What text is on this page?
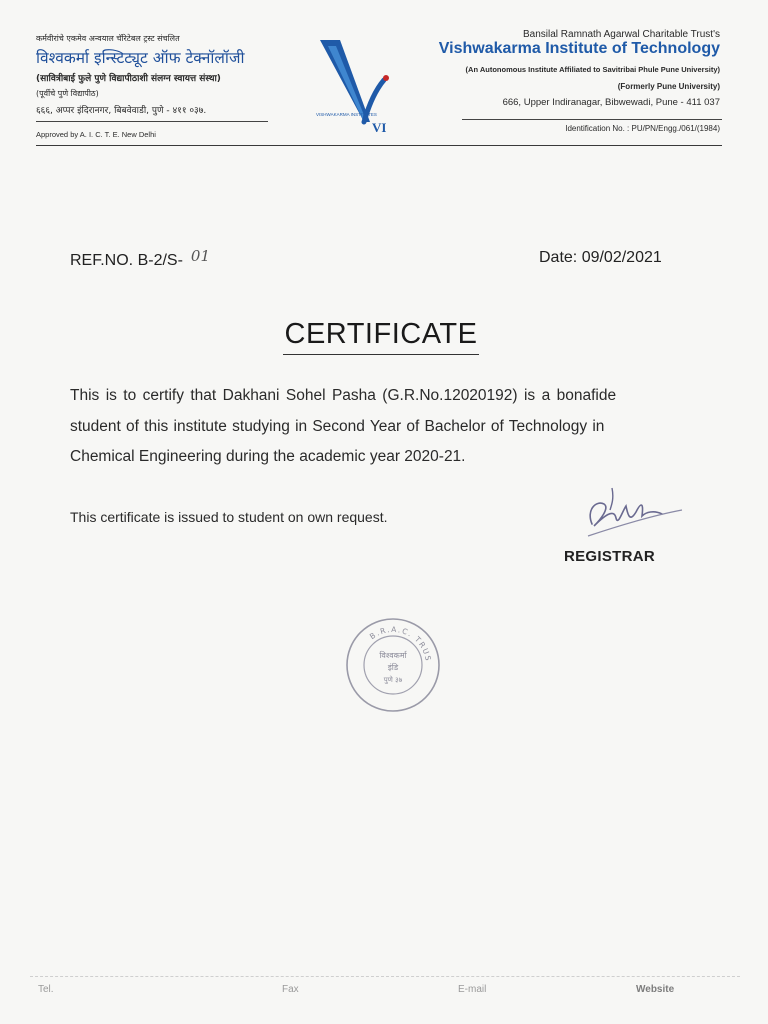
कर्मवीरांचे एकमेव अन्वयाल चॅरिटेबल ट्रस्ट संचलित
विश्वकर्मा इन्स्टिट्यूट ऑफ टेक्नॉलॉजी
(सावित्रीबाई फुले पुणे विद्यापीठाशी संलग्न स्वायत्त संस्था)
(पूर्वीचे पुणे विद्यापीठ)
६६६, अप्पर इंदिरानगर, बिबवेवाडी, पुणे - ४११ ०३७.
Approved by A. I. C. T. E. New Delhi
VISHWAKARMA INSTITUTES
VI
Bansilal Ramnath Agarwal Charitable Trust's
Vishwakarma Institute of Technology
(An Autonomous Institute Affiliated to Savitribai Phule Pune University)
(Formerly Pune University)
666, Upper Indiranagar, Bibwewadi, Pune - 411 037
Identification No. : PU/PN/Engg./061/(1984)
REF.NO. B-2/S- 01	Date: 09/02/2021
CERTIFICATE
This is to certify that Dakhani Sohel Pasha (G.R.No.12020192) is a bonafide
student of this institute studying in Second Year of Bachelor of Technology in
Chemical Engineering during the academic year 2020-21.
This certificate is issued to student on own request.
REGISTRAR
B.R.A.C. TRUS
विश्वकर्मा
इंडि
पुणे ३७
Tel.	Fax	E-mail	Website
